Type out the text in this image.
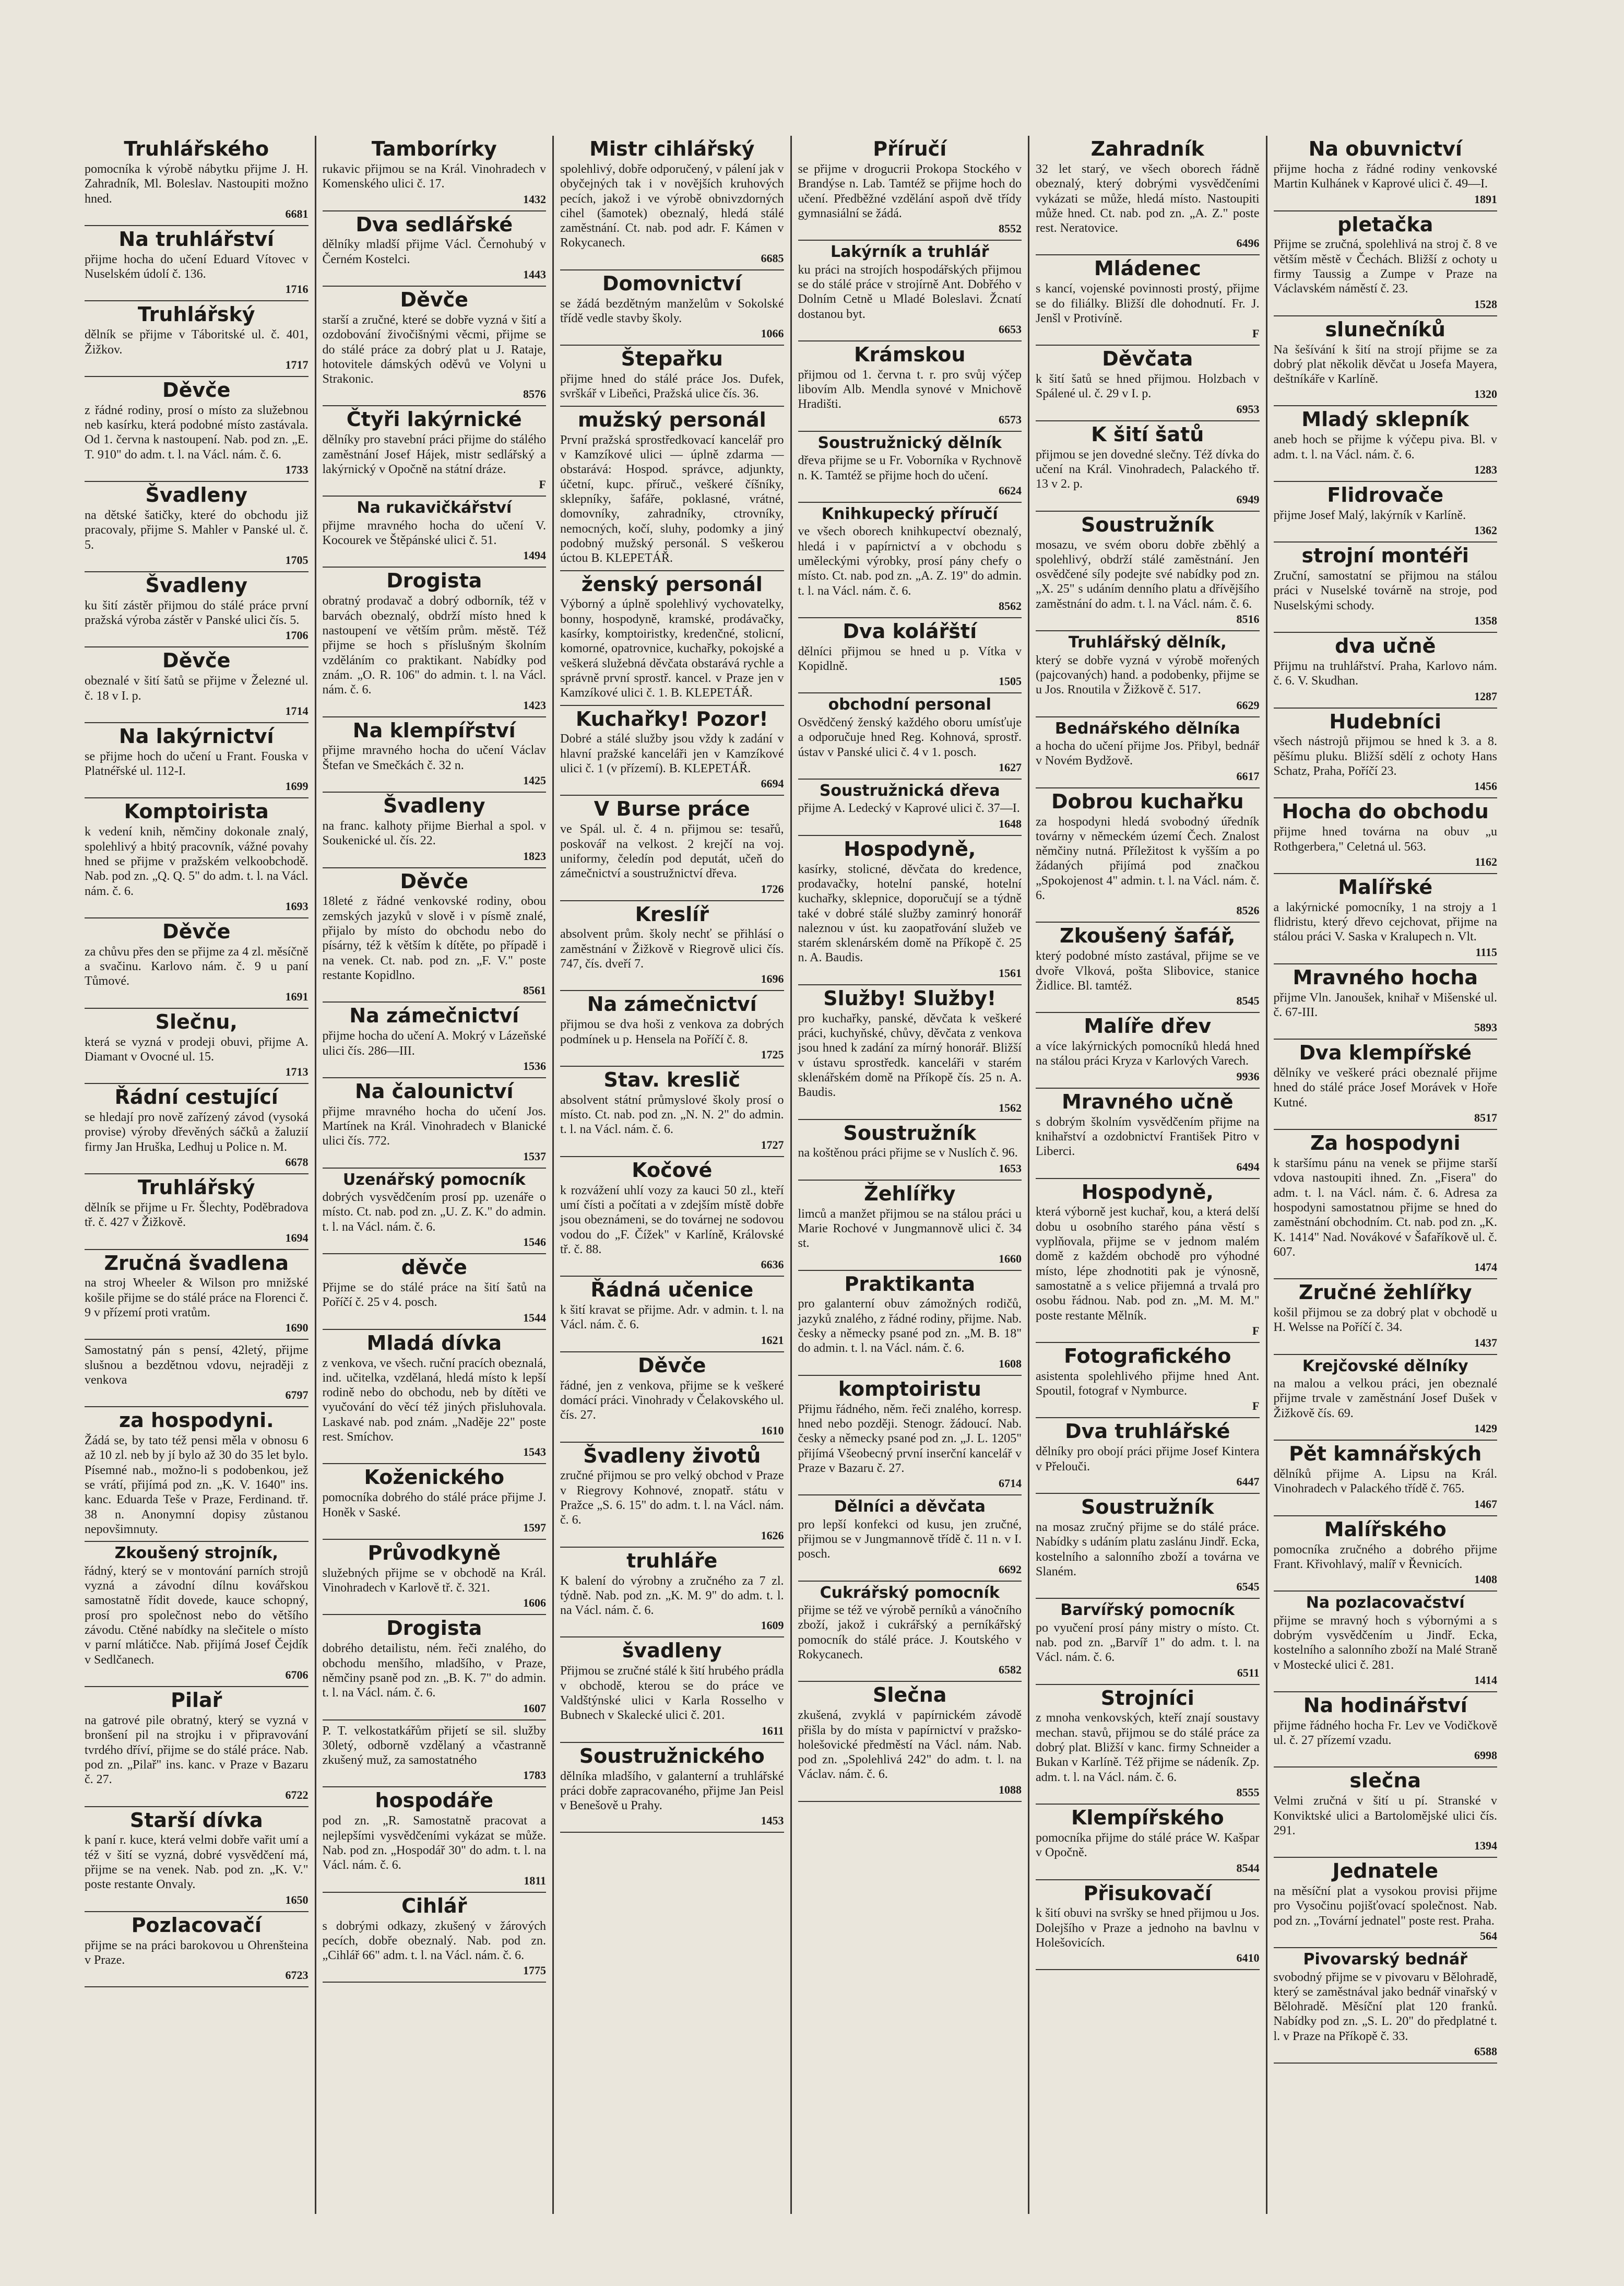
Truhlářského

pomocníka k výrobě nábytku přijme J. H. Zahradník, Ml. Boleslav. Nastoupiti možno hned.

6681
Na truhlářství

přijme hocha do učení Eduard Vítovec v Nuselském údolí č. 136.

1716
Truhlářský

dělník se přijme v Táboritské ul. č. 401, Žižkov.

1717
Děvče

z řádné rodiny, prosí o místo za služebnou neb kasírku, která podobné místo zastávala. Od 1. června k nastoupení. Nab. pod zn. „E. T. 910" do adm. t. l. na Václ. nám. č. 6.

1733
Švadleny

na dětské šatičky, které do obchodu již pracovaly, přijme S. Mahler v Panské ul. č. 5.

1705
Švadleny

ku šití zástěr přijmou do stálé práce první pražská výroba zástěr v Panské ulici čís. 5.

1706
Děvče

obeznalé v šití šatů se přijme v Železné ul. č. 18 v I. p.

1714
Na lakýrnictví

se přijme hoch do učení u Frant. Fouska v Platnéřské ul. 112-I.

1699
Komptoirista

k vedení knih, němčiny dokonale znalý, spolehlivý a hbitý pracovník, vážné povahy hned se přijme v pražském velkoobchodě. Nab. pod zn. „Q. Q. 5" do adm. t. l. na Václ. nám. č. 6.

1693
Děvče

za chůvu přes den se přijme za 4 zl. měsíčně a svačinu. Karlovo nám. č. 9 u paní Tůmové.

1691
Slečnu,

která se vyzná v prodeji obuvi, přijme A. Diamant v Ovocné ul. 15.

1713
Řádní cestující

se hledají pro nově zařízený závod (vysoká provise) výroby dřevěných sáčků a žaluzií firmy Jan Hruška, Ledhuj u Police n. M.

6678
Truhlářský

dělník se přijme u Fr. Šlechty, Poděbradova tř. č. 427 v Žižkově.

1694
Zručná švadlena

na stroj Wheeler & Wilson pro mnižské košile přijme se do stálé práce na Florenci č. 9 v přízemí proti vratům.

1690

Samostatný pán s pensí, 42letý, přijme slušnou a bezdětnou vdovu, nejraději z venkova

6797
za hospodyni.

Žádá se, by tato též pensi měla v obnosu 6 až 10 zl. neb by jí bylo až 30 do 35 let bylo. Písemné nab., možno-li s podobenkou, jež se vrátí, přijímá pod zn. „K. V. 1640" ins. kanc. Eduarda Teše v Praze, Ferdinand. tř. 38 n. Anonymní dopisy zůstanou nepovšimnuty.

Zkoušený strojník,

řádný, který se v montování parních strojů vyzná a závodní dílnu kovářskou samostatně řídit dovede, kauce schopný, prosí pro společnost nebo do většího závodu. Ctěné nabídky na slečitele o místo v parní mlátičce. Nab. přijímá Josef Čejdík v Sedlčanech.

6706
Pilař

na gatrové pile obratný, který se vyzná v bronšení pil na strojku i v připravování tvrdého dříví, přijme se do stálé práce. Nab. pod zn. „Pilař" ins. kanc. v Praze v Bazaru č. 27.

6722
Starší dívka

k paní r. kuce, která velmi dobře vařit umí a též v šití se vyzná, dobré vysvědčení má, přijme se na venek. Nab. pod zn. „K. V." poste restante Onvaly.

1650
Pozlacovačí

přijme se na práci barokovou u Ohrenšteina v Praze.

6723
Tamborírky

rukavic přijmou se na Král. Vinohradech v Komenského ulici č. 17.

1432
Dva sedlářské

dělníky mladší přijme Václ. Černohubý v Černém Kostelci.

1443
Děvče

starší a zručné, které se dobře vyzná v šití a ozdobování živočišnými věcmi, přijme se do stálé práce za dobrý plat u J. Rataje, hotovitele dámských oděvů ve Volyni u Strakonic.

8576
Čtyři lakýrnické

dělníky pro stavební práci přijme do stálého zaměstnání Josef Hájek, mistr sedlářský a lakýrnický v Opočně na státní dráze.

F
Na rukavičkářství

přijme mravného hocha do učení V. Kocourek ve Štěpánské ulici č. 51.

1494
Drogista

obratný prodavač a dobrý odborník, též v barvách obeznalý, obdrží místo hned k nastoupení ve větším prům. městě. Též přijme se hoch s příslušným školním vzděláním co praktikant. Nabídky pod znám. „O. R. 106" do admin. t. l. na Václ. nám. č. 6.

1423
Na klempířství

přijme mravného hocha do učení Václav Štefan ve Smečkách č. 32 n.

1425
Švadleny

na franc. kalhoty přijme Bierhal a spol. v Soukenické ul. čís. 22.

1823
Děvče

18leté z řádné venkovské rodiny, obou zemských jazyků v slově i v písmě znalé, přijalo by místo do obchodu nebo do písárny, též k větším k dítěte, po případě i na venek. Ct. nab. pod zn. „F. V." poste restante Kopidlno.

8561
Na zámečnictví

přijme hocha do učení A. Mokrý v Lázeňské ulici čís. 286—III.

1536
Na čalounictví

přijme mravného hocha do učení Jos. Martínek na Král. Vinohradech v Blanické ulici čís. 772.

1537
Uzenářský pomocník

dobrých vysvědčením prosí pp. uzenáře o místo. Ct. nab. pod zn. „U. Z. K." do admin. t. l. na Václ. nám. č. 6.

1546
děvče

Přijme se do stálé práce na šití šatů na Poříčí č. 25 v 4. posch.

1544
Mladá dívka

z venkova, ve všech. ruční pracích obeznalá, ind. učitelka, vzdělaná, hledá místo k lepší rodině nebo do obchodu, neb by dítěti ve vyučování do věcí též jiných přisluhovala. Laskavé nab. pod znám. „Naděje 22" poste rest. Smíchov.

1543
Koženického

pomocníka dobrého do stálé práce přijme J. Honěk v Saské.

1597
Průvodkyně

služebných přijme se v obchodě na Král. Vinohradech v Karlově tř. č. 321.

1606
Drogista

dobrého detailistu, ném. řeči znalého, do obchodu menšího, mladšího, v Praze, němčiny psaně pod zn. „B. K. 7" do admin. t. l. na Václ. nám. č. 6.

1607

P. T. velkostatkářům přijetí se sil. služby 30letý, odborně vzdělaný a včastranně zkušený muž, za samostatného

1783
hospodáře

pod zn. „R. Samostatně pracovat a nejlepšími vysvědčeními vykázat se může. Nab. pod zn. „Hospodář 30" do adm. t. l. na Václ. nám. č. 6.

1811
Cihlář

s dobrými odkazy, zkušený v žárových pecích, dobře obeznalý. Nab. pod zn. „Cihlář 66" adm. t. l. na Václ. nám. č. 6.

1775
Mistr cihlářský

spolehlivý, dobře odporučený, v pálení jak v obyčejných tak i v novějších kruhových pecích, jakož i ve výrobě obnivzdorných cihel (šamotek) obeznalý, hledá stálé zaměstnání. Ct. nab. pod adr. F. Kámen v Rokycanech.

6685
Domovnictví

se žádá bezdětným manželům v Sokolské třídě vedle stavby školy.

1066
Štepařku

přijme hned do stálé práce Jos. Dufek, svrškář v Libeňci, Pražská ulice čís. 36.

mužský personál

První pražská sprostředkovací kancelář pro v Kamzíkové ulici — úplně zdarma — obstarává: Hospod. správce, adjunkty, účetní, kupc. příruč., veškeré číšníky, sklepníky, šafáře, poklasné, vrátné, domovníky, zahradníky, ctrovníky, nemocných, kočí, sluhy, podomky a jiný podobný mužský personál. S veškerou úctou B. KLEPETÁŘ.

ženský personál

Výborný a úplně spolehlivý vychovatelky, bonny, hospodyně, kramské, prodávačky, kasírky, komptoiristky, kredenčné, stolicní, komorné, opatrovnice, kuchařky, pokojské a veškerá služebná děvčata obstarává rychle a správně první sprostř. kancel. v Praze jen v Kamzíkové ulici č. 1. B. KLEPETÁŘ.

Kuchařky! Pozor!

Dobré a stálé služby jsou vždy k zadání v hlavní pražské kanceláři jen v Kamzíkové ulici č. 1 (v přízemí). B. KLEPETÁŘ.

6694
V Burse práce

ve Spál. ul. č. 4 n. přijmou se: tesařů, poskovář na velkost. 2 krejčí na voj. uniformy, čeledín pod deputát, učeň do zámečnictví a soustružnictví dřeva.

1726
Kreslíř

absolvent prům. školy nechť se přihlásí o zaměstnání v Žižkově v Riegrově ulici čís. 747, čís. dveří 7.

1696
Na zámečnictví

přijmou se dva hoši z venkova za dobrých podmínek u p. Hensela na Poříčí č. 8.

1725
Stav. kreslič

absolvent státní průmyslové školy prosí o místo. Ct. nab. pod zn. „N. N. 2" do admin. t. l. na Václ. nám. č. 6.

1727
Kočové

k rozvážení uhlí vozy za kauci 50 zl., kteří umí čísti a počítati a v zdejším místě dobře jsou obeznámeni, se do továrnej ne sodovou vodou do „F. Čížek" v Karlíně, Královské tř. č. 88.

6636
Řádná učenice

k šití kravat se přijme. Adr. v admin. t. l. na Václ. nám. č. 6.

1621
Děvče

řádné, jen z venkova, přijme se k veškeré domácí práci. Vinohrady v Čelakovského ul. čís. 27.

1610
Švadleny životů

zručné přijmou se pro velký obchod v Praze v Riegrovy Kohnové, znopatř. státu v Pražce „S. 6. 15" do adm. t. l. na Václ. nám. č. 6.

1626
truhláře

K balení do výrobny a zručného za 7 zl. týdně. Nab. pod zn. „K. M. 9" do adm. t. l. na Václ. nám. č. 6.

1609
švadleny

Přijmou se zručné stálé k šití hrubého prádla v obchodě, kterou se do práce ve Valdštýnské ulici v Karla Rosselho v Bubnech v Skalecké ulici č. 201.

1611
Soustružnického

dělníka mladšího, v galanterní a truhlářské práci dobře zapracovaného, přijme Jan Peisl v Benešově u Prahy.

1453
Příručí

se přijme v drogucrii Prokopa Stockého v Brandýse n. Lab. Tamtéž se přijme hoch do učení. Předběžné vzdělání aspoň dvě třídy gymnasiální se žádá.

8552
Lakýrník a truhlář

ku práci na strojích hospodářských přijmou se do stálé práce v strojírně Ant. Dobřého v Dolním Cetně u Mladé Boleslavi. Žcnatí dostanou byt.

6653
Krámskou

přijmou od 1. června t. r. pro svůj výčep libovím Alb. Mendla synové v Mnichově Hradišti.

6573
Soustružnický dělník

dřeva přijme se u Fr. Voborníka v Rychnově n. K. Tamtéž se přijme hoch do učení.

6624
Knihkupecký příručí

ve všech oborech knihkupectví obeznalý, hledá i v papírnictví a v obchodu s uměleckými výrobky, prosí pány chefy o místo. Ct. nab. pod zn. „A. Z. 19" do admin. t. l. na Václ. nám. č. 6.

8562
Dva kolářští

dělníci přijmou se hned u p. Vítka v Kopidlně.

1505
obchodní personal

Osvědčený ženský každého oboru umísťuje a odporučuje hned Reg. Kohnová, sprostř. ústav v Panské ulici č. 4 v 1. posch.

1627
Soustružnická dřeva

přijme A. Ledecký v Kaprové ulici č. 37—I.

1648
Hospodyně,

kasírky, stolicné, děvčata do kredence, prodavačky, hotelní panské, hotelní kuchařky, sklepnice, doporučují se a týdně také v dobré stálé služby zaminrý honorář naleznou v úst. ku zaopatřování služeb ve starém sklenárském domě na Příkopě č. 25 n. A. Baudis.

1561
Služby! Služby!

pro kuchařky, panské, děvčata k veškeré práci, kuchyňské, chůvy, děvčata z venkova jsou hned k zadání za mírný honorář. Bližší v ústavu sprostředk. kanceláři v starém sklenářském domě na Příkopě čís. 25 n. A. Baudis.

1562
Soustružník

na koštěnou práci přijme se v Nuslích č. 96.

1653
Žehlířky

limců a manžet přijmou se na stálou práci u Marie Rochové v Jungmannově ulici č. 34 st.

1660
Praktikanta

pro galanterní obuv zámožných rodičů, jazyků znalého, z řádné rodiny, přijme. Nab. česky a německy psané pod zn. „M. B. 18" do admin. t. l. na Václ. nám. č. 6.

1608
komptoiristu

Přijmu řádného, něm. řeči znalého, korresp. hned nebo později. Stenogr. žádoucí. Nab. česky a německy psané pod zn. „J. L. 1205" přijímá Všeobecný první inserční kancelář v Praze v Bazaru č. 27.

6714
Dělníci a děvčata

pro lepší konfekci od kusu, jen zručné, přijmou se v Jungmannově třídě č. 11 n. v I. posch.

6692
Cukrářský pomocník

přijme se též ve výrobě perníků a vánočního zboží, jakož i cukrářský a perníkářský pomocník do stálé práce. J. Koutského v Rokycanech.

6582
Slečna

zkušená, zvyklá v papírnickém závodě přišla by do místa v papírnictví v pražsko-holešovické předměstí na Václ. nám. Nab. pod zn. „Spolehlivá 242" do adm. t. l. na Václav. nám. č. 6.

1088
Zahradník

32 let starý, ve všech oborech řádně obeznalý, který dobrými vysvědčeními vykázati se může, hledá místo. Nastoupiti může hned. Ct. nab. pod zn. „A. Z." poste rest. Neratovice.

6496
Mládenec

s kancí, vojenské povinnosti prostý, přijme se do filiálky. Bližší dle dohodnutí. Fr. J. Jenšl v Protivíně.

F
Děvčata

k šití šatů se hned přijmou. Holzbach v Spálené ul. č. 29 v I. p.

6953
K šití šatů

přijmou se jen dovedné slečny. Též dívka do učení na Král. Vinohradech, Palackého tř. 13 v 2. p.

6949
Soustružník

mosazu, ve svém oboru dobře zběhlý a spolehlivý, obdrží stálé zaměstnání. Jen osvědčené síly podejte své nabídky pod zn. „X. 25" s udáním denního platu a dřívějšího zaměstnání do adm. t. l. na Václ. nám. č. 6.

8516
Truhlářský dělník,

který se dobře vyzná v výrobě mořených (pajcovaných) hand. a podobenky, přijme se u Jos. Rnoutila v Žižkově č. 517.

6629
Bednářského dělníka

a hocha do učení přijme Jos. Přibyl, bednář v Novém Bydžově.

6617
Dobrou kuchařku

za hospodyni hledá svobodný úředník továrny v německém území Čech. Znalost němčiny nutná. Příležitost k vyšším a po žádaných přijímá pod značkou „Spokojenost 4" admin. t. l. na Václ. nám. č. 6.

8526
Zkoušený šafář,

který podobné místo zastával, přijme se ve dvoře Vlková, pošta Slibovice, stanice Židlice. Bl. tamtéž.

8545
Malíře dřev

a více lakýrnických pomocníků hledá hned na stálou práci Kryza v Karlových Varech.

9936
Mravného učně

s dobrým školním vysvědčením přijme na knihařství a ozdobnictví František Pitro v Liberci.

6494
Hospodyně,

která výborně jest kuchař, kou, a která delší dobu u osobního starého pána věstí s vyplňovala, přijme se v jednom malém domě z každém obchodě pro výhodné místo, lépe zhodnotiti pak je výnosně, samostatně a s velice přijemná a trvalá pro osobu řádnou. Nab. pod zn. „M. M. M." poste restante Mělník.

F
Fotografického

asistenta spolehlivého přijme hned Ant. Spoutil, fotograf v Nymburce.

F
Dva truhlářské

dělníky pro obojí práci přijme Josef Kintera v Přelouči.

6447
Soustružník

na mosaz zručný přijme se do stálé práce. Nabídky s udáním platu zaslánu Jindř. Ecka, kostelního a salonního zboží a továrna ve Slaném.

6545
Barvířský pomocník

po vyučení prosí pány mistry o místo. Ct. nab. pod zn. „Barvíř 1" do adm. t. l. na Václ. nám. č. 6.

6511
Strojníci

z mnoha venkovských, kteří znají soustavy mechan. stavů, přijmou se do stálé práce za dobrý plat. Bližší v kanc. firmy Schneider a Bukan v Karlíně. Též přijme se nádeník. Zp. adm. t. l. na Václ. nám. č. 6.

8555
Klempířského

pomocníka přijme do stálé práce W. Kašpar v Opočně.

8544
Přisukovačí

k šití obuvi na svršky se hned přijmou u Jos. Dolejšího v Praze a jednoho na bavlnu v Holešovicích.

6410
Na obuvnictví

přijme hocha z řádné rodiny venkovské Martin Kulhánek v Kaprové ulici č. 49—I.

1891
pletačka

Přijme se zručná, spolehlivá na stroj č. 8 ve větším městě v Čechách. Bližší z ochoty u firmy Taussig a Zumpe v Praze na Václavském náměstí č. 23.

1528
slunečníků

Na šešívání k šití na strojí přijme se za dobrý plat několik děvčat u Josefa Mayera, deštníkáře v Karlíně.

1320
Mladý sklepník

aneb hoch se přijme k výčepu piva. Bl. v adm. t. l. na Václ. nám. č. 6.

1283
Flidrovače

přijme Josef Malý, lakýrník v Karlíně.

1362
strojní montéři

Zruční, samostatní se přijmou na stálou práci v Nuselské továrně na stroje, pod Nuselskými schody.

1358
dva učně

Přijmu na truhlářství. Praha, Karlovo nám. č. 6. V. Skudhan.

1287
Hudebníci

všech nástrojů přijmou se hned k 3. a 8. pěšímu pluku. Bližší sdělí z ochoty Hans Schatz, Praha, Poříčí 23.

1456
Hocha do obchodu

přijme hned továrna na obuv „u Rothgerbera," Celetná ul. 563.

1162
Malířské

a lakýrnické pomocníky, 1 na strojy a 1 flidristu, který dřevo cejchovat, přijme na stálou práci V. Saska v Kralupech n. Vlt.

1115
Mravného hocha

přijme Vln. Janoušek, knihař v Mišenské ul. č. 67-III.

5893
Dva klempířské

dělníky ve veškeré práci obeznalé přijme hned do stálé práce Josef Morávek v Hoře Kutné.

8517
Za hospodyni

k staršímu pánu na venek se přijme starší vdova nastoupiti ihned. Zn. „Fisera" do adm. t. l. na Václ. nám. č. 6. Adresa za hospodyni samostatnou přijme se hned do zaměstnání obchodním. Ct. nab. pod zn. „K. K. 1414" Nad. Novákové v Šafaříkově ul. č. 607.

1474
Zručné žehlířky

košil přijmou se za dobrý plat v obchodě u H. Welsse na Poříčí č. 34.

1437
Krejčovské dělníky

na malou a velkou práci, jen obeznalé přijme trvale v zaměstnání Josef Dušek v Žižkově čís. 69.

1429
Pět kamnářských

dělníků přijme A. Lipsu na Král. Vinohradech v Palackého třídě č. 765.

1467
Malířského

pomocníka zručného a dobrého přijme Frant. Křivohlavý, malíř v Řevnicích.

1408
Na pozlacovačství

přijme se mravný hoch s výbornými a s dobrým vysvědčením u Jindř. Ecka, kostelního a salonního zboží na Malé Straně v Mostecké ulici č. 281.

1414
Na hodinářství

přijme řádného hocha Fr. Lev ve Vodičkově ul. č. 27 přízemí vzadu.

6998
slečna

Velmi zručná v šití u pí. Stranské v Konviktské ulici a Bartolomějské ulici čís. 291.

1394
Jednatele

na měsíční plat a vysokou provisi přijme pro Vysočinu pojišťovací společnost. Nab. pod zn. „Tovární jednatel" poste rest. Praha.

564
Pivovarský bednář

svobodný přijme se v pivovaru v Bělohradě, který se zaměstnával jako bednář vinařský v Bělohradě. Měsíční plat 120 franků. Nabídky pod zn. „S. L. 20" do předplatné t. l. v Praze na Příkopě č. 33.

6588
